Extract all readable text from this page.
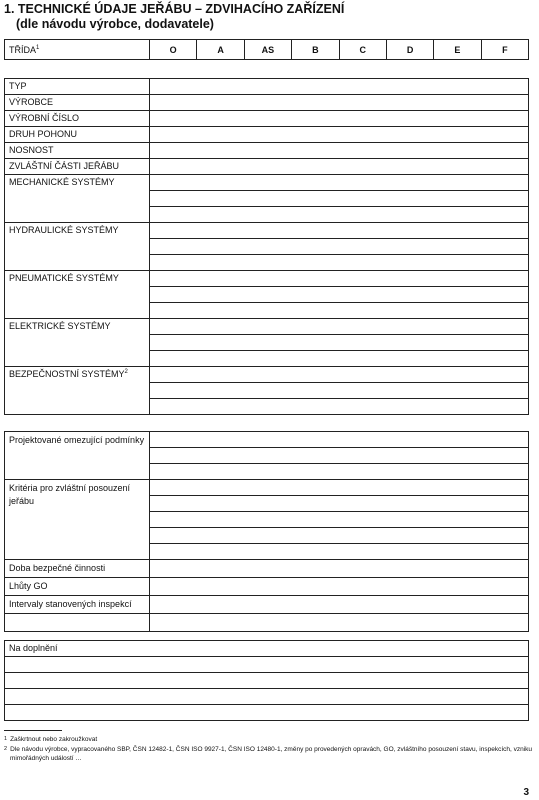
1. TECHNICKÉ ÚDAJE JEŘÁBU – ZDVIHACÍHO ZAŘÍZENÍ
(dle návodu výrobce, dodavatele)
TŘÍDA$^1$	O	A	AS	B	C	D	E	F
TYP	
VÝROBCE	
VÝROBNÍ ČÍSLO	
DRUH POHONU	
NOSNOST	
ZVLÁŠTNÍ ČÁSTI JEŘÁBU	
MECHANICKÉ SYSTÉMY	

HYDRAULICKÉ SYSTÉMY	

PNEUMATICKÉ SYSTÉMY	

ELEKTRICKÉ SYSTÉMY	

BEZPEČNOSTNÍ SYSTÉMY$^2$	

Projektované omezující podmínky	

Kritéria pro zvláštní posouzení jeřábu	

Doba bezpečné činnosti	
Lhůty GO	
Intervaly stanovených inspekcí	

Na doplnění

$^1$ Zaškrtnout nebo zakroužkovat
$^2$ Dle návodu výrobce, vypracovaného SBP, ČSN 12482-1, ČSN ISO 9927-1, ČSN ISO 12480-1, změny po provedených opravách, GO, zvláštního posouzení stavu, inspekcích, vzniku mimořádných událostí …
3
